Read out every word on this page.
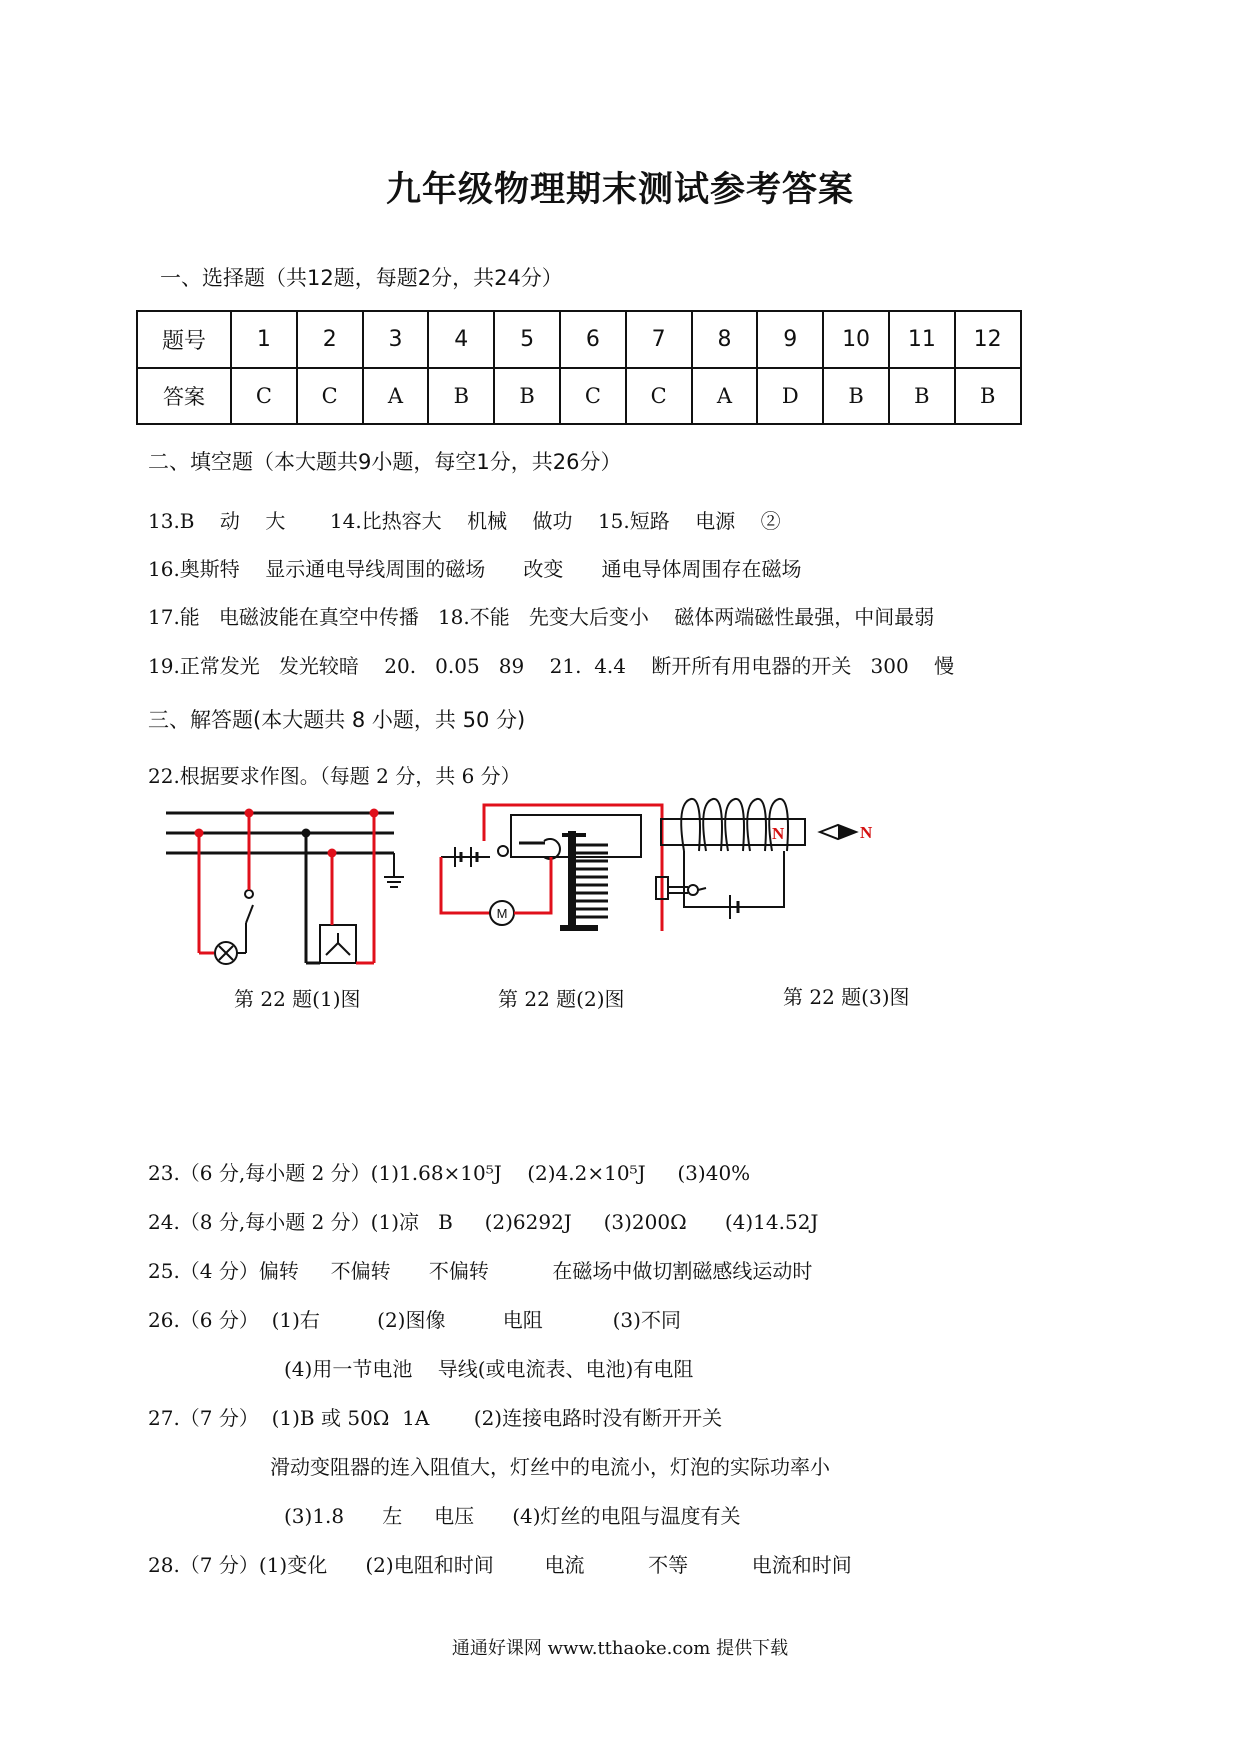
九年级物理期末测试参考答案
一、选择题（共12题，每题2分，共24分）
题号	1	2	3	4	5	6	7	8	9	10	11	12
答案	C	C	A	B	B	C	C	A	D	B	B	B
二、填空题（本大题共9小题，每空1分，共26分）
13.B    动    大       14.比热容大    机械    做功    15.短路    电源    ②
16.奥斯特    显示通电导线周围的磁场      改变      通电导体周围存在磁场
17.能   电磁波能在真空中传播   18.不能   先变大后变小    磁体两端磁性最强，中间最弱
19.正常发光   发光较暗    20.   0.05   89    21.  4.4    断开所有用电器的开关   300    慢
三、解答题(本大题共 8 小题，共 50 分)
22.根据要求作图。（每题 2 分，共 6 分）
M
N	N
第 22 题(1)图	第 22 题(2)图	第 22 题(3)图
23.（6 分,每小题 2 分）(1)1.68×10⁵J    (2)4.2×10⁵J     (3)40%
24.（8 分,每小题 2 分）(1)凉   B     (2)6292J     (3)200Ω      (4)14.52J
25.（4 分）偏转     不偏转      不偏转          在磁场中做切割磁感线运动时
26.（6 分）  (1)右         (2)图像         电阻           (3)不同
(4)用一节电池    导线(或电流表、电池)有电阻
27.（7 分）  (1)B 或 50Ω  1A       (2)连接电路时没有断开开关
滑动变阻器的连入阻值大，灯丝中的电流小，灯泡的实际功率小
(3)1.8      左     电压      (4)灯丝的电阻与温度有关
28.（7 分）(1)变化      (2)电阻和时间        电流          不等          电流和时间
通通好课网 www.tthaoke.com 提供下载
